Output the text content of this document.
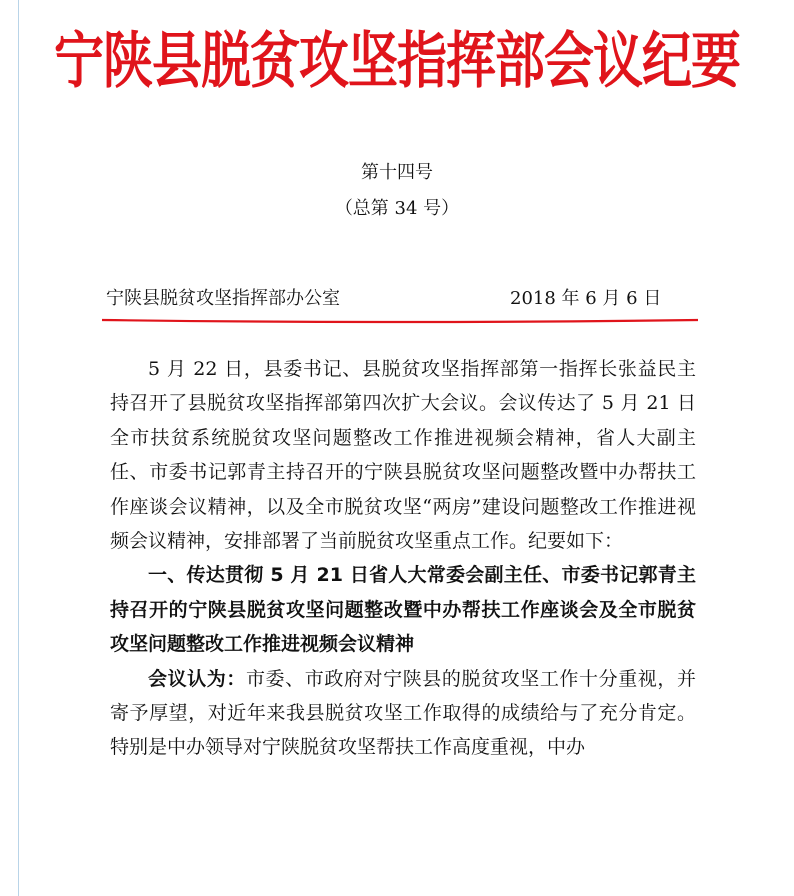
宁陕县脱贫攻坚指挥部会议纪要
第十四号
（总第 34 号）
宁陕县脱贫攻坚指挥部办公室	2018 年 6 月 6 日

5 月 22 日，县委书记、县脱贫攻坚指挥部第一指挥长张益民主持召开了县脱贫攻坚指挥部第四次扩大会议。会议传达了 5 月 21 日全市扶贫系统脱贫攻坚问题整改工作推进视频会精神，省人大副主任、市委书记郭青主持召开的宁陕县脱贫攻坚问题整改暨中办帮扶工作座谈会议精神，以及全市脱贫攻坚“两房”建设问题整改工作推进视频会议精神，安排部署了当前脱贫攻坚重点工作。纪要如下：

一、传达贯彻 5 月 21 日省人大常委会副主任、市委书记郭青主持召开的宁陕县脱贫攻坚问题整改暨中办帮扶工作座谈会及全市脱贫攻坚问题整改工作推进视频会议精神

会议认为：市委、市政府对宁陕县的脱贫攻坚工作十分重视，并寄予厚望，对近年来我县脱贫攻坚工作取得的成绩给与了充分肯定。特别是中办领导对宁陕脱贫攻坚帮扶工作高度重视，中办
